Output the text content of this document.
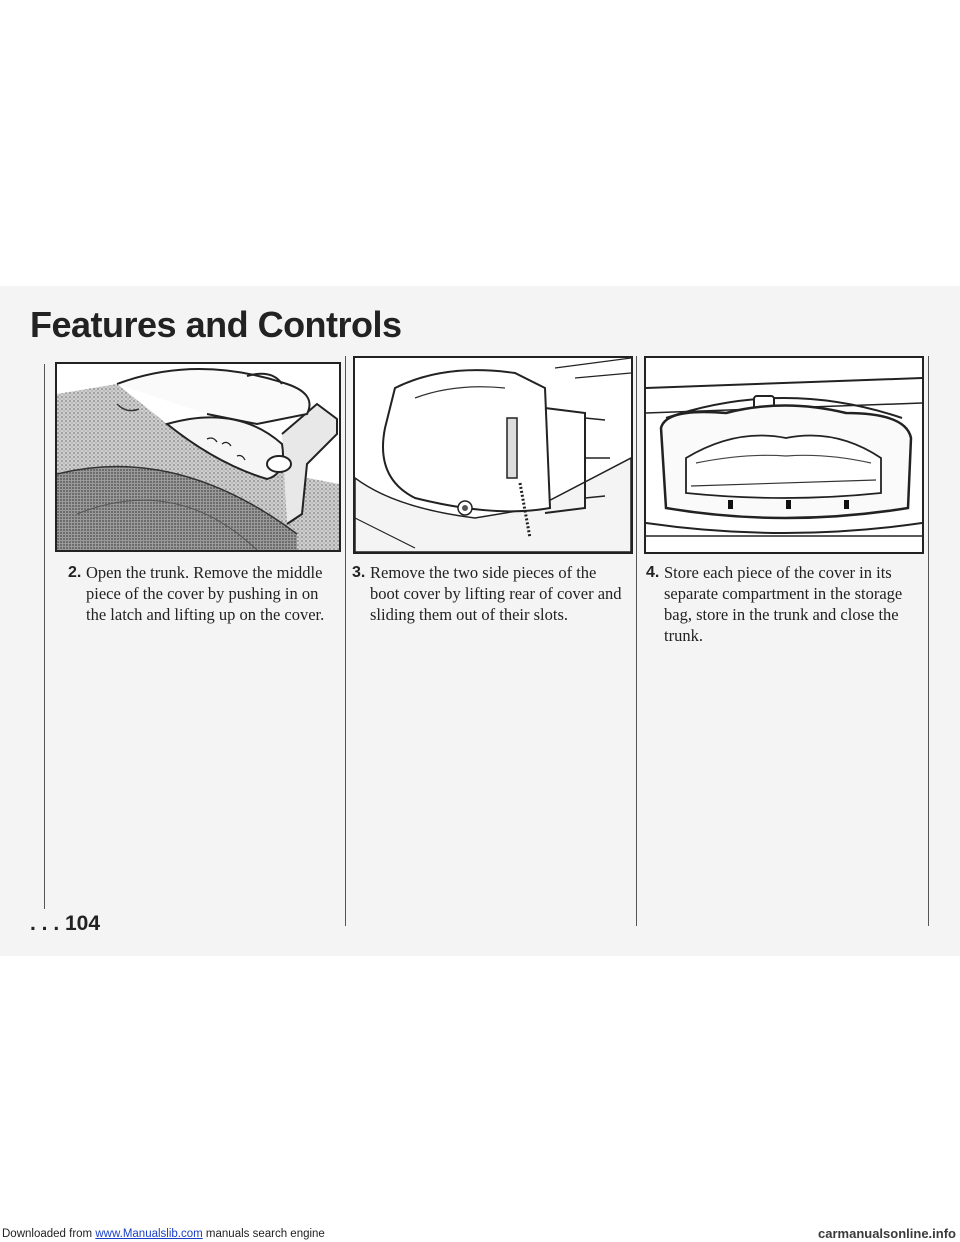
Features and Controls
2. Open the trunk. Remove the middle piece of the cover by pushing in on the latch and lifting up on the cover.
3. Remove the two side pieces of the boot cover by lifting rear of cover and sliding them out of their slots.
4. Store each piece of the cover in its separate compartment in the storage bag, store in the trunk and close the trunk.
. . . 104
Downloaded from www.Manualslib.com manuals search engine	carmanualsonline.info
